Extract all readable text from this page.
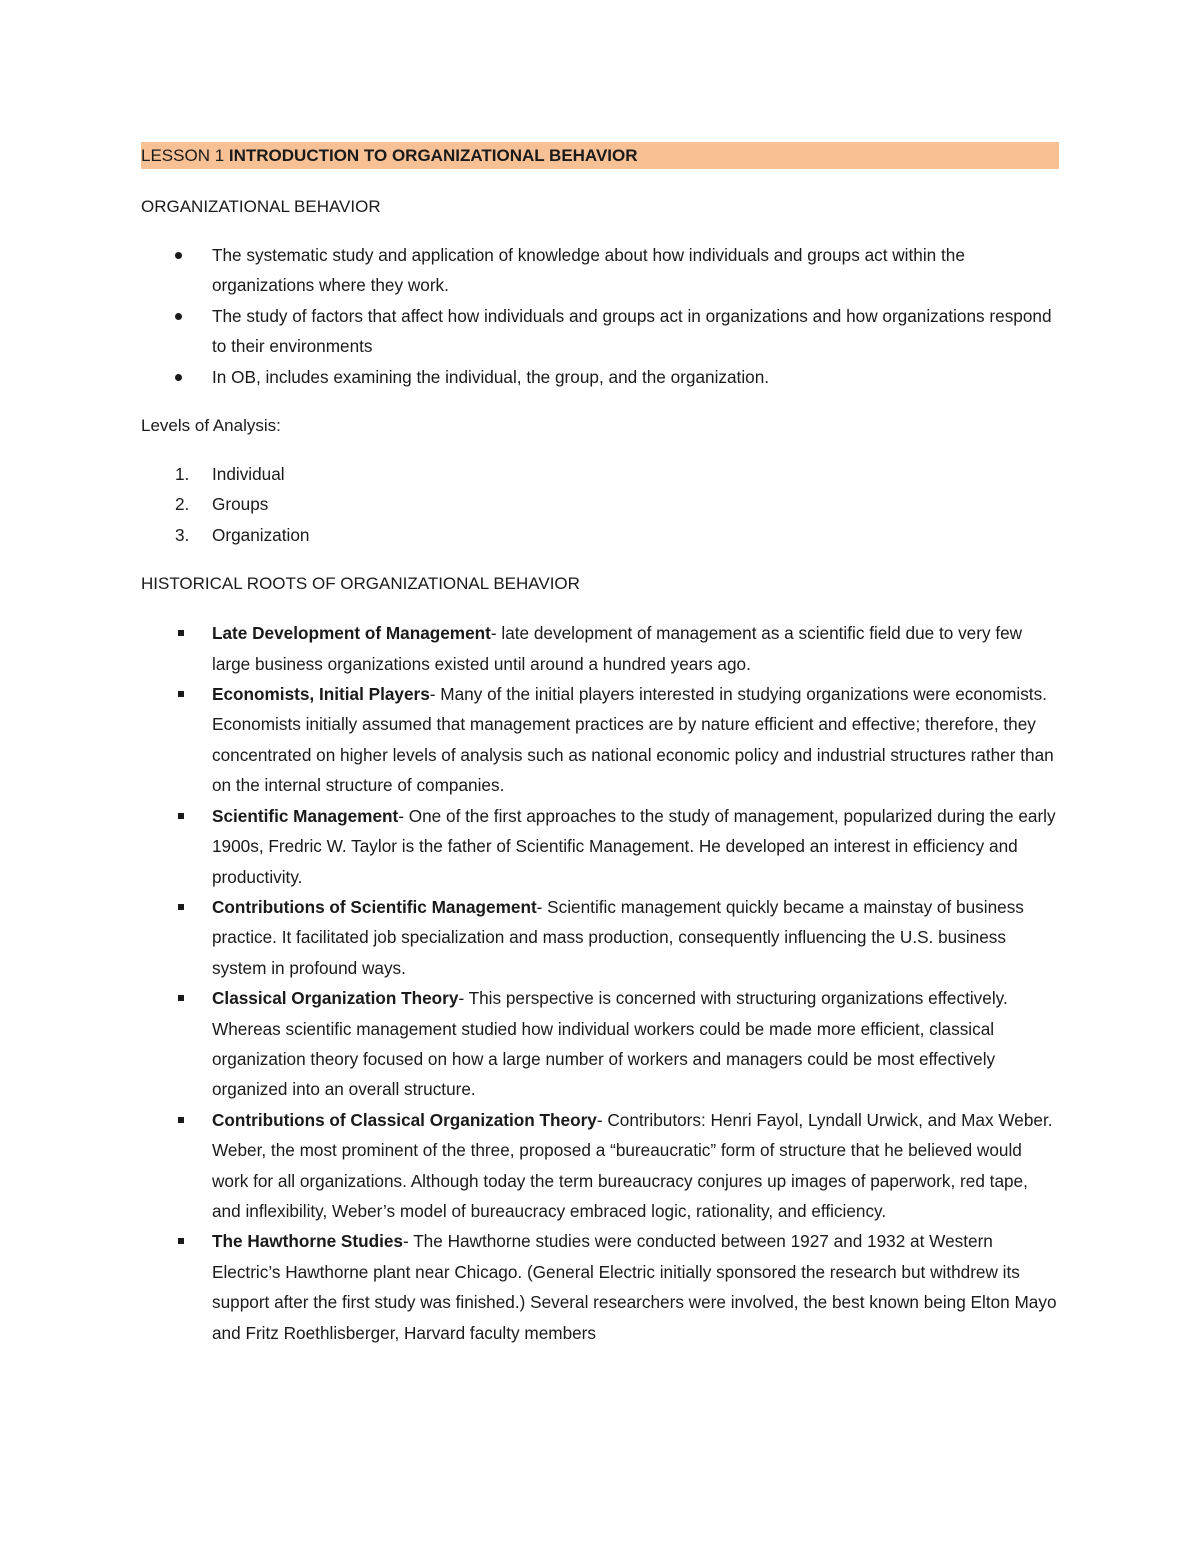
LESSON 1 INTRODUCTION TO ORGANIZATIONAL BEHAVIOR

ORGANIZATIONAL BEHAVIOR

The systematic study and application of knowledge about how individuals and groups act within the organizations where they work.
The study of factors that affect how individuals and groups act in organizations and how organizations respond to their environments
In OB, includes examining the individual, the group, and the organization.

Levels of Analysis:

1. Individual
2. Groups
3. Organization

HISTORICAL ROOTS OF ORGANIZATIONAL BEHAVIOR

Late Development of Management- late development of management as a scientific field due to very few large business organizations existed until around a hundred years ago.
Economists, Initial Players- Many of the initial players interested in studying organizations were economists. Economists initially assumed that management practices are by nature efficient and effective; therefore, they concentrated on higher levels of analysis such as national economic policy and industrial structures rather than on the internal structure of companies.
Scientific Management- One of the first approaches to the study of management, popularized during the early 1900s, Fredric W. Taylor is the father of Scientific Management. He developed an interest in efficiency and productivity.
Contributions of Scientific Management- Scientific management quickly became a mainstay of business practice. It facilitated job specialization and mass production, consequently influencing the U.S. business system in profound ways.
Classical Organization Theory- This perspective is concerned with structuring organizations effectively. Whereas scientific management studied how individual workers could be made more efficient, classical organization theory focused on how a large number of workers and managers could be most effectively organized into an overall structure.
Contributions of Classical Organization Theory- Contributors: Henri Fayol, Lyndall Urwick, and Max Weber. Weber, the most prominent of the three, proposed a “bureaucratic” form of structure that he believed would work for all organizations. Although today the term bureaucracy conjures up images of paperwork, red tape, and inflexibility, Weber’s model of bureaucracy embraced logic, rationality, and efficiency.
The Hawthorne Studies- The Hawthorne studies were conducted between 1927 and 1932 at Western Electric’s Hawthorne plant near Chicago. (General Electric initially sponsored the research but withdrew its support after the first study was finished.) Several researchers were involved, the best known being Elton Mayo and Fritz Roethlisberger, Harvard faculty members
